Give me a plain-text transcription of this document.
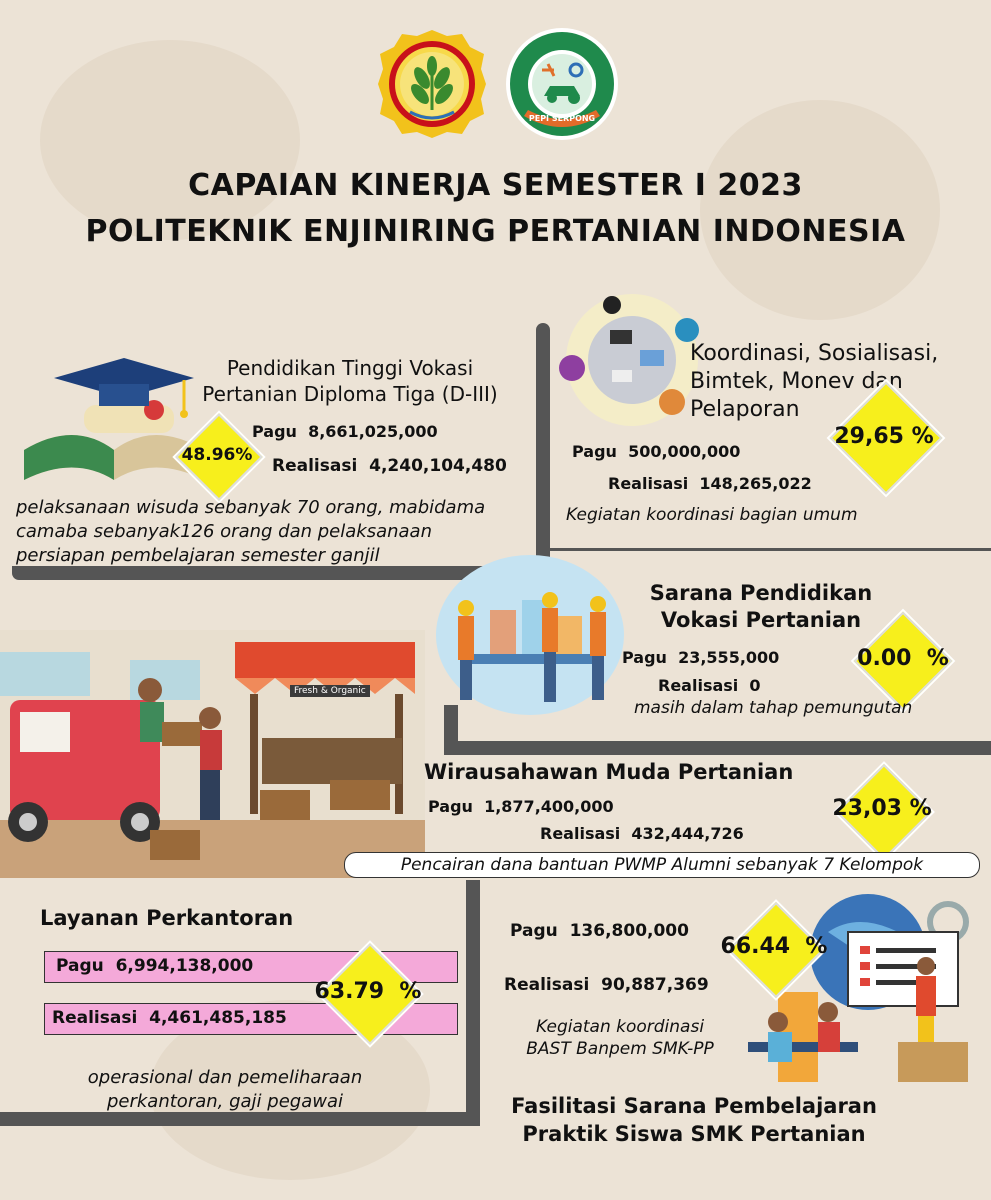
PEPI SERPONG
CAPAIAN KINERJA SEMESTER I 2023
POLITEKNIK ENJINIRING PERTANIAN INDONESIA
Pendidikan Tinggi Vokasi
Pertanian Diploma Tiga (D-III)
Pagu 8,661,025,000
48.96%
Realisasi 4,240,104,480
pelaksanaan wisuda sebanyak 70 orang, mabidama
camaba sebanyak126 orang dan pelaksanaan
persiapan pembelajaran semester ganjil
Koordinasi, Sosialisasi,
Bimtek, Monev dan
Pelaporan
29,65 %
Pagu 500,000,000
Realisasi 148,265,022
Kegiatan koordinasi bagian umum
Sarana Pendidikan
Vokasi Pertanian
0.00  %
Pagu 23,555,000
Realisasi 0
masih dalam tahap pemungutan
Fresh & Organic
Wirausahawan Muda Pertanian
23,03 %
Pagu 1,877,400,000
Realisasi 432,444,726
Pencairan dana bantuan PWMP Alumni sebanyak 7 Kelompok
Layanan Perkantoran
Pagu 6,994,138,000
Realisasi 4,461,485,185
63.79  %
operasional dan pemeliharaan
perkantoran, gaji pegawai
Pagu 136,800,000
66.44  %
Realisasi 90,887,369
Kegiatan koordinasi
BAST Banpem SMK-PP
Fasilitasi Sarana Pembelajaran
Praktik Siswa SMK Pertanian
